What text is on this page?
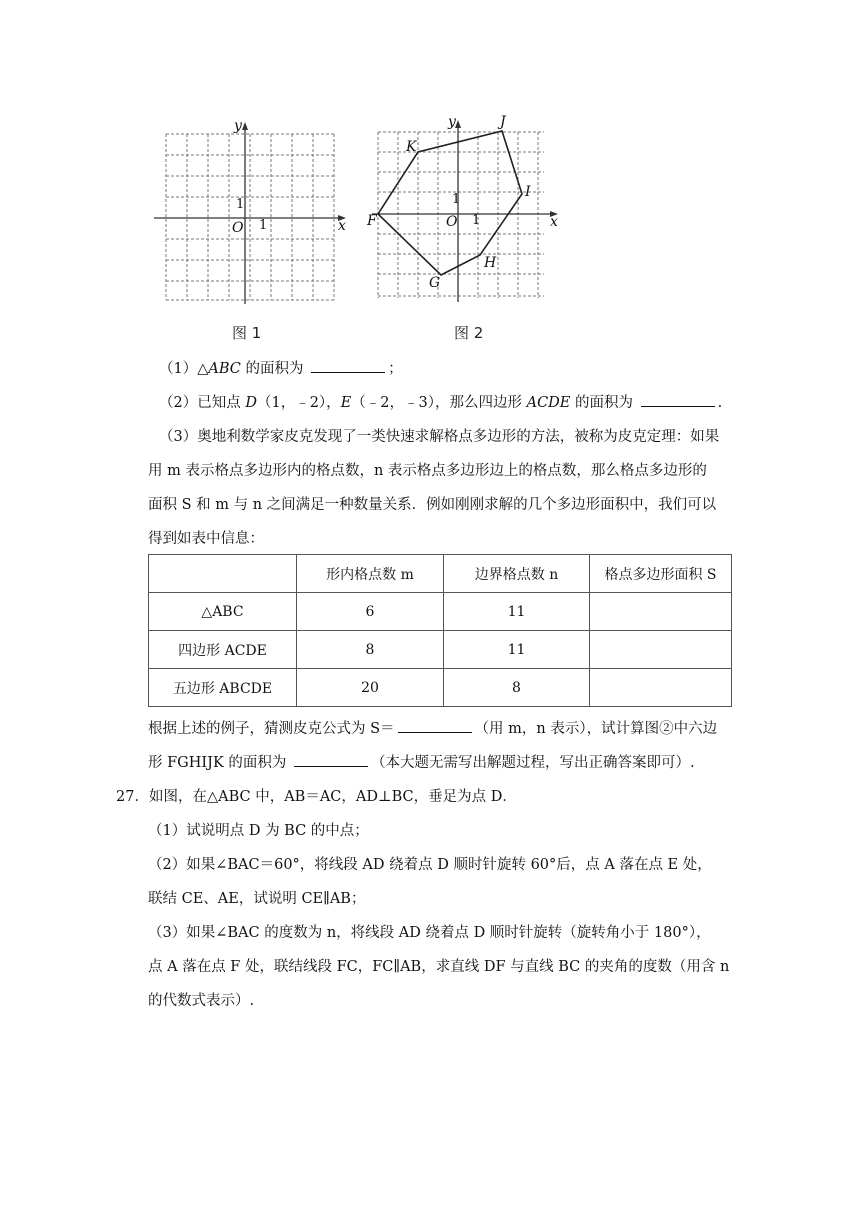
y
x
O 1
1
图 1
y
x
O 1
1
K
J
I
F
G
H
图 2
（1）△ABC 的面积为	；
（2）已知点 D（1，﹣2），E（﹣2，﹣3），那么四边形 ACDE 的面积为	.
（3）奥地利数学家皮克发现了一类快速求解格点多边形的方法，被称为皮克定理：如果
用 m 表示格点多边形内的格点数，n 表示格点多边形边上的格点数，那么格点多边形的
面积 S 和 m 与 n 之间满足一种数量关系．例如刚刚求解的几个多边形面积中，我们可以
得到如表中信息：
	形内格点数 m	边界格点数 n	格点多边形面积 S
△ABC	6	11	
四边形 ACDE	8	11	
五边形 ABCDE	20	8	
根据上述的例子，猜测皮克公式为 S＝	（用 m，n 表示），试计算图②中六边
形 FGHIJK 的面积为	（本大题无需写出解题过程，写出正确答案即可）.
27．如图，在△ABC 中，AB＝AC，AD⊥BC，垂足为点 D．
（1）试说明点 D 为 BC 的中点；
（2）如果∠BAC＝60°，将线段 AD 绕着点 D 顺时针旋转 60°后，点 A 落在点 E 处，
联结 CE、AE，试说明 CE∥AB；
（3）如果∠BAC 的度数为 n，将线段 AD 绕着点 D 顺时针旋转（旋转角小于 180°），
点 A 落在点 F 处，联结线段 FC，FC∥AB，求直线 DF 与直线 BC 的夹角的度数（用含 n
的代数式表示）.
